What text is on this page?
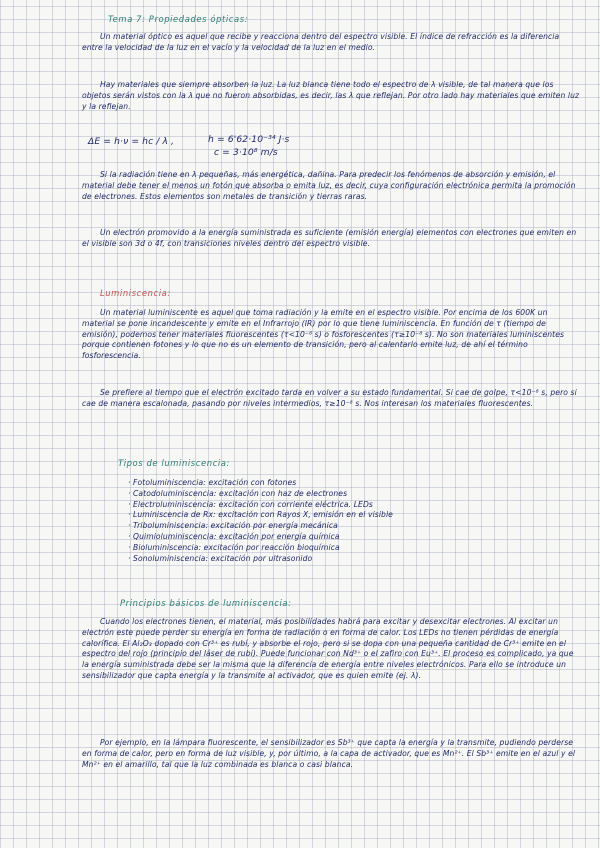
Tema 7: Propiedades ópticas:

Un material óptico es aquel que recibe y reacciona dentro del espectro visible. El índice de refracción es la diferencia entre la velocidad de la luz en el vacío y la velocidad de la luz en el medio.

Hay materiales que siempre absorben la luz. La luz blanca tiene todo el espectro de λ visible, de tal manera que los objetos serán vistos con la λ que no fueron absorbidas, es decir, las λ que reflejan. Por otro lado hay materiales que emiten luz y la reflejan.

ΔE = h·ν = hc / λ ,	h = 6'62·10⁻³⁴ J·s

c = 3·10⁸ m/s

Si la radiación tiene en λ pequeñas, más energética, dañina. Para predecir los fenómenos de absorción y emisión, el material debe tener el menos un fotón que absorba o emita luz, es decir, cuya configuración electrónica permita la promoción de electrones. Estos elementos son metales de transición y tierras raras.

Un electrón promovido a la energía suministrada es suficiente (emisión energía) elementos con electrones que emiten en el visible son 3d o 4f, con transiciones niveles dentro del espectro visible.

Luminiscencia:

Un material luminiscente es aquel que toma radiación y la emite en el espectro visible. Por encima de los 600K un material se pone incandescente y emite en el Infrarrojo (IR) por lo que tiene luminiscencia. En función de τ (tiempo de emisión), podemos tener materiales fluorescentes (τ<10⁻⁸ s) o fosforescentes (τ≥10⁻⁸ s). No son materiales luminiscentes porque contienen fotones y lo que no es un elemento de transición, pero al calentarlo emite luz, de ahí el término fosforescencia.

Se prefiere al tiempo que el electrón excitado tarda en volver a su estado fundamental. Si cae de golpe, τ<10⁻⁸ s, pero si cae de manera escalonada, pasando por niveles intermedios, τ≥10⁻⁸ s. Nos interesan los materiales fluorescentes.

Tipos de luminiscencia:

· Fotoluminiscencia: excitación con fotones
· Catodoluminiscencia: excitación con haz de electrones
· Electroluminiscencia: excitación con corriente eléctrica. LEDs
· Luminiscencia de Rx: excitación con Rayos X, emisión en el visible
· Triboluminiscencia: excitación por energía mecánica
· Quimioluminiscencia: excitación por energía química
· Bioluminiscencia: excitación por reacción bioquímica
· Sonoluminiscencia: excitación por ultrasonido

Principios básicos de luminiscencia:

Cuando los electrones tienen, el material, más posibilidades habrá para excitar y desexcitar electrones. Al excitar un electrón este puede perder su energía en forma de radiación o en forma de calor. Los LEDs no tienen pérdidas de energía calorífica. El Al₂O₃ dopado con Cr³⁺ es rubí, y absorbe el rojo, pero si se dopa con una pequeña cantidad de Cr³⁺ emite en el espectro del rojo (principio del láser de rubí). Puede funcionar con Nd³⁺ o el zafiro con Eu³⁺. El proceso es complicado, ya que la energía suministrada debe ser la misma que la diferencia de energía entre niveles electrónicos. Para ello se introduce un sensibilizador que capta energía y la transmite al activador, que es quien emite (ej. λ).

Por ejemplo, en la lámpara fluorescente, el sensibilizador es Sb³⁺ que capta la energía y la transmite, pudiendo perderse en forma de calor, pero en forma de luz visible, y, por último, a la capa de activador, que es Mn²⁺. El Sb³⁺ emite en el azul y el Mn²⁺ en el amarillo, tal que la luz combinada es blanca o casi blanca.
